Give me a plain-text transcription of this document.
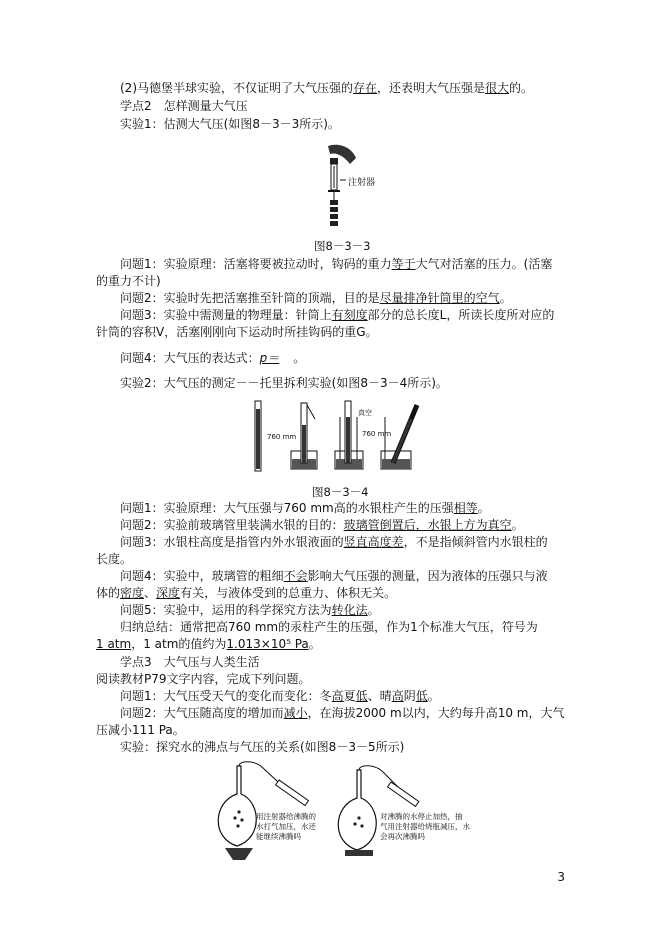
(2)马德堡半球实验，不仅证明了大气压强的存在，还表明大气压强是很大的。
学点2　怎样测量大气压
实验1：估测大气压(如图8－3－3所示)。
注射器
图8－3－3
问题1：实验原理：活塞将要被拉动时，钩码的重力等于大气对活塞的压力。(活塞
的重力不计)
问题2：实验时先把活塞推至针筒的顶端，目的是尽量排净针筒里的空气。
问题3：实验中需测量的物理量：针筒上有刻度部分的总长度L，所读长度所对应的
针筒的容积V，活塞刚刚向下运动时所挂钩码的重G。
问题4：大气压的表达式：p＝ 。
实验2：大气压的测定－－托里拆利实验(如图8－3－4所示)。
760 mm	760 mm
真空
图8－3－4
问题1：实验原理：大气压强与760 mm高的水银柱产生的压强相等。
问题2：实验前玻璃管里装满水银的目的：玻璃管倒置后，水银上方为真空。
问题3：水银柱高度是指管内外水银液面的竖直高度差，不是指倾斜管内水银柱的
长度。
问题4：实验中，玻璃管的粗细不会影响大气压强的测量，因为液体的压强只与液
体的密度、深度有关，与液体受到的总重力、体积无关。
问题5：实验中，运用的科学探究方法为转化法。
归纳总结：通常把高760 mm的汞柱产生的压强，作为1个标准大气压，符号为
1 atm，1 atm的值约为1.013×10⁵ Pa。
学点3　大气压与人类生活
阅读教材P79文字内容，完成下列问题。
问题1：大气压受天气的变化而变化：冬高夏低、晴高阴低。
问题2：大气压随高度的增加而减小，在海拔2000 m以内，大约每升高10 m，大气
压减小111 Pa。
实验：探究水的沸点与气压的关系(如图8－3－5所示)
用注射器给沸腾的
水打气加压，水还
能继续沸腾吗
对沸腾的水停止加热，抽
气用注射器给烧瓶减压，水
会再次沸腾吗
3
